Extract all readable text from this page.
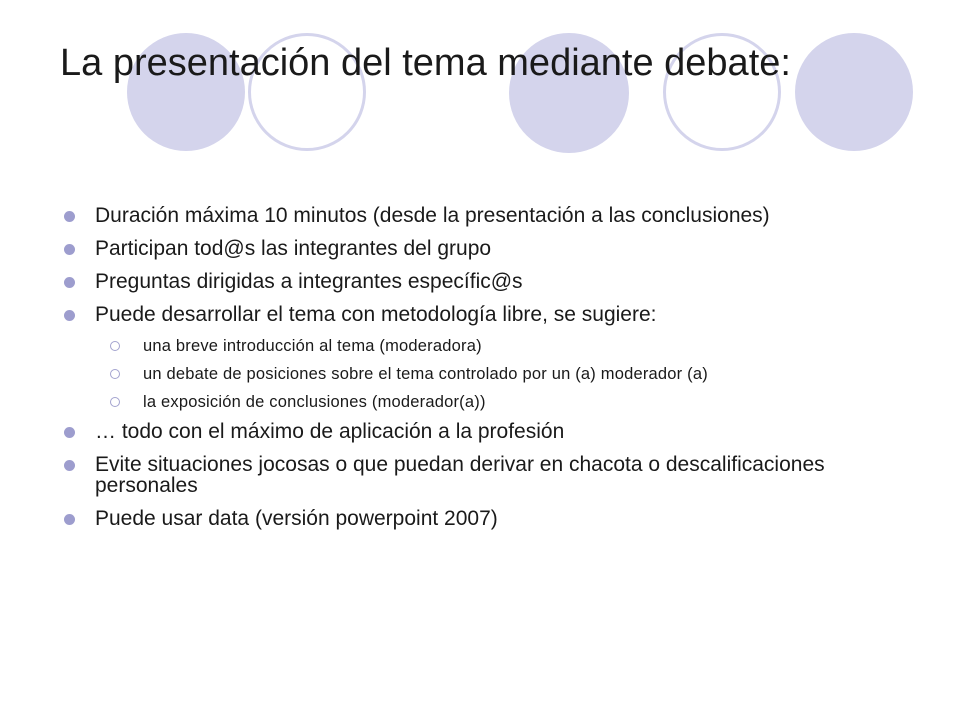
La presentación del tema mediante debate:
Duración máxima 10 minutos (desde la presentación a las conclusiones)
Participan tod@s las integrantes del grupo
Preguntas dirigidas a integrantes específic@s
Puede desarrollar el tema con metodología libre, se sugiere:
una breve introducción al tema (moderadora)
un debate de posiciones sobre el tema controlado por un (a) moderador (a)
la exposición de conclusiones (moderador(a))
… todo con el máximo de aplicación a la profesión
Evite situaciones jocosas o que puedan derivar en chacota o descalificaciones personales
Puede usar data (versión powerpoint 2007)
